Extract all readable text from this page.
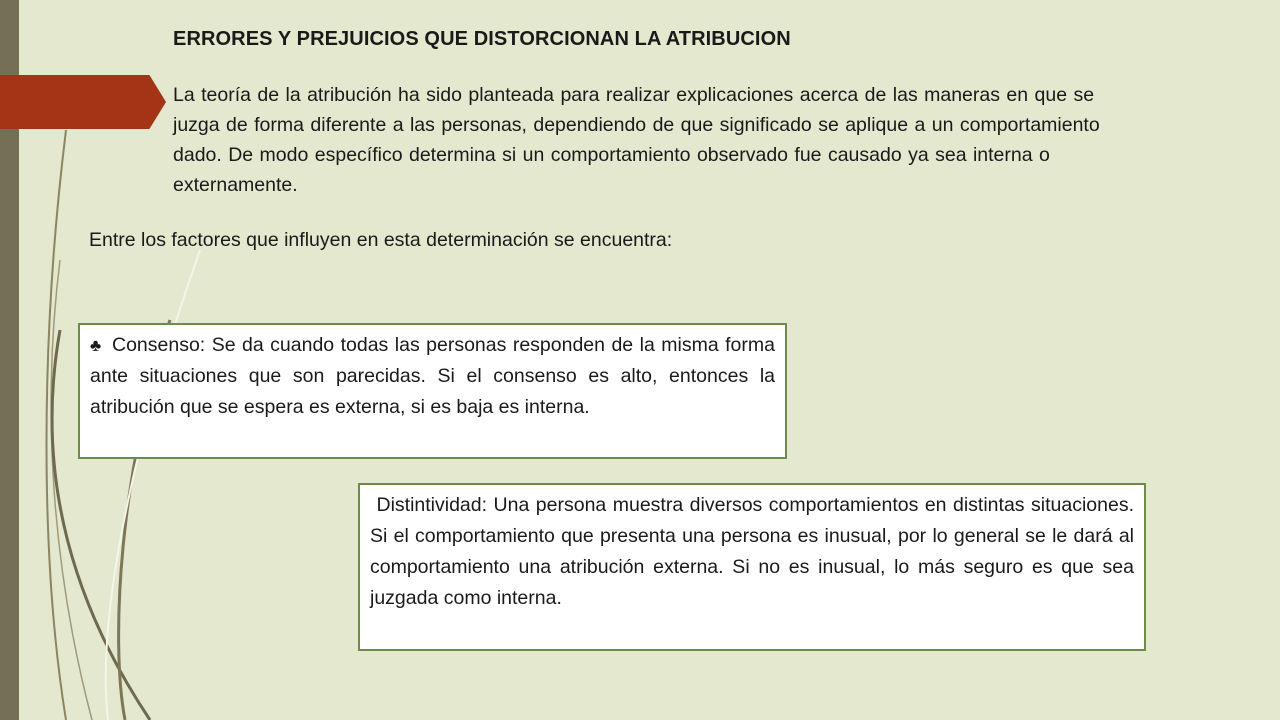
ERRORES Y PREJUICIOS QUE DISTORCIONAN LA ATRIBUCION

La teoría de la atribución ha sido planteada para realizar explicaciones acerca de las maneras en que se juzga de forma diferente a las personas, dependiendo de que significado se aplique a un comportamiento dado. De modo específico determina si un comportamiento observado fue causado ya sea interna o externamente.

Entre los factores que influyen en esta determinación se encuentra:

♣ Consenso: Se da cuando todas las personas responden de la misma forma ante situaciones que son parecidas. Si el consenso es alto, entonces la atribución que se espera es externa, si es baja es interna.

Distintividad: Una persona muestra diversos comportamientos en distintas situaciones. Si el comportamiento que presenta una persona es inusual, por lo general se le dará al comportamiento una atribución externa. Si no es inusual, lo más seguro es que sea juzgada como interna.
